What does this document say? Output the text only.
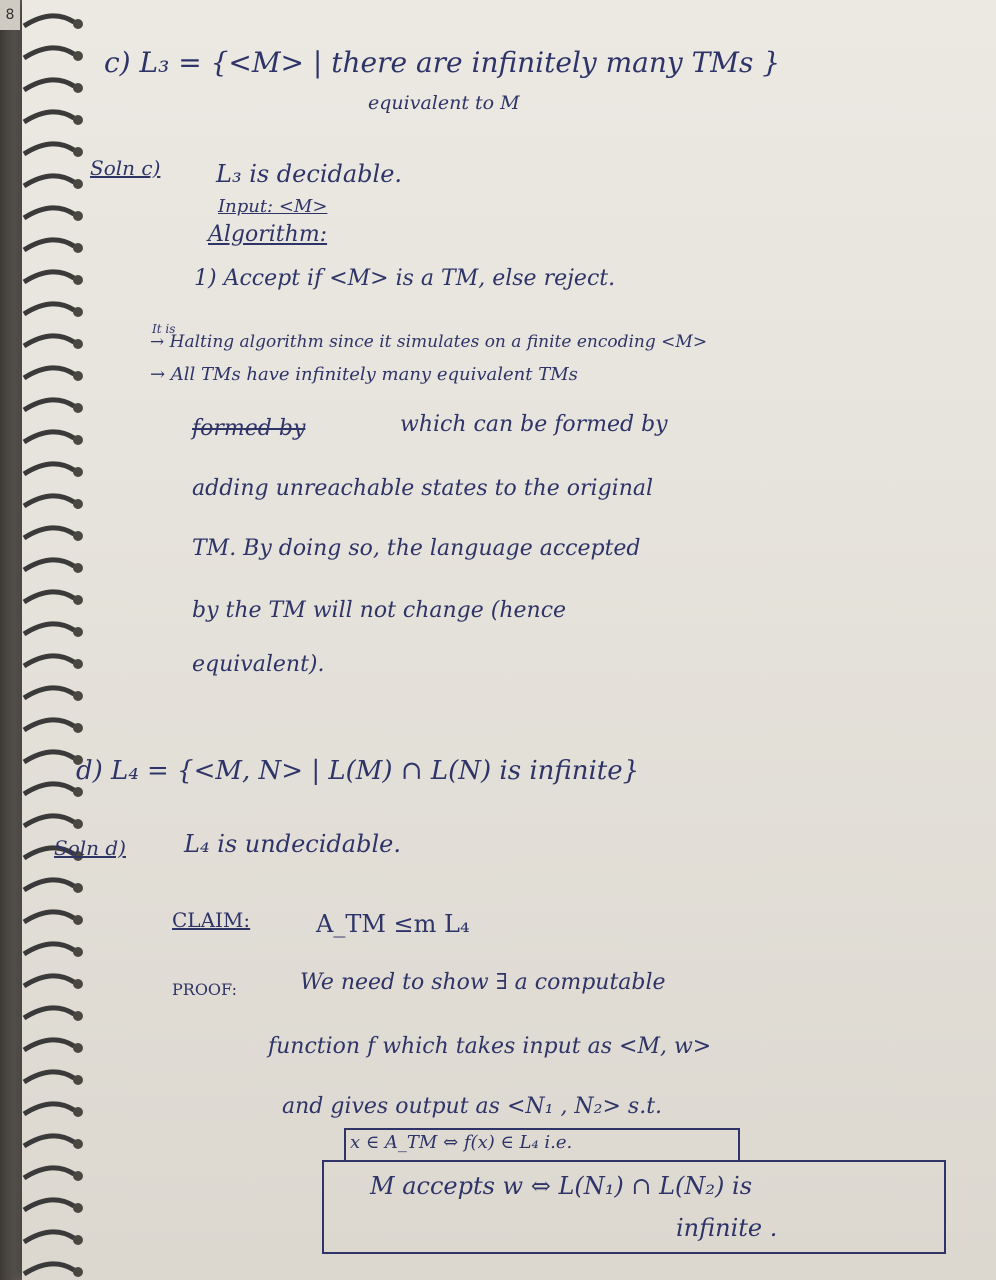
8
c) L₃ = {<M> | there are infinitely many TMs }
equivalent to M
Soln c) L₃ is decidable.
Input: <M>
Algorithm:
1) Accept if <M> is a TM, else reject.
It is
→ Halting algorithm since it simulates on a finite encoding <M>
→ All TMs have infinitely many equivalent TMs
formed by	which can be formed by
adding unreachable states to the original
TM. By doing so, the language accepted
by the TM will not change (hence
equivalent).
d) L₄ = {<M, N> | L(M) ∩ L(N) is infinite}
Soln d) L₄ is undecidable.
CLAIM:	A_TM ≤m L₄
PROOF:	We need to show ∃ a computable
function f which takes input as <M, w>
and gives output as <N₁ , N₂> s.t.
x ∈ A_TM ⇔ f(x) ∈ L₄ i.e.
M accepts w ⇔ L(N₁) ∩ L(N₂) is
infinite .
